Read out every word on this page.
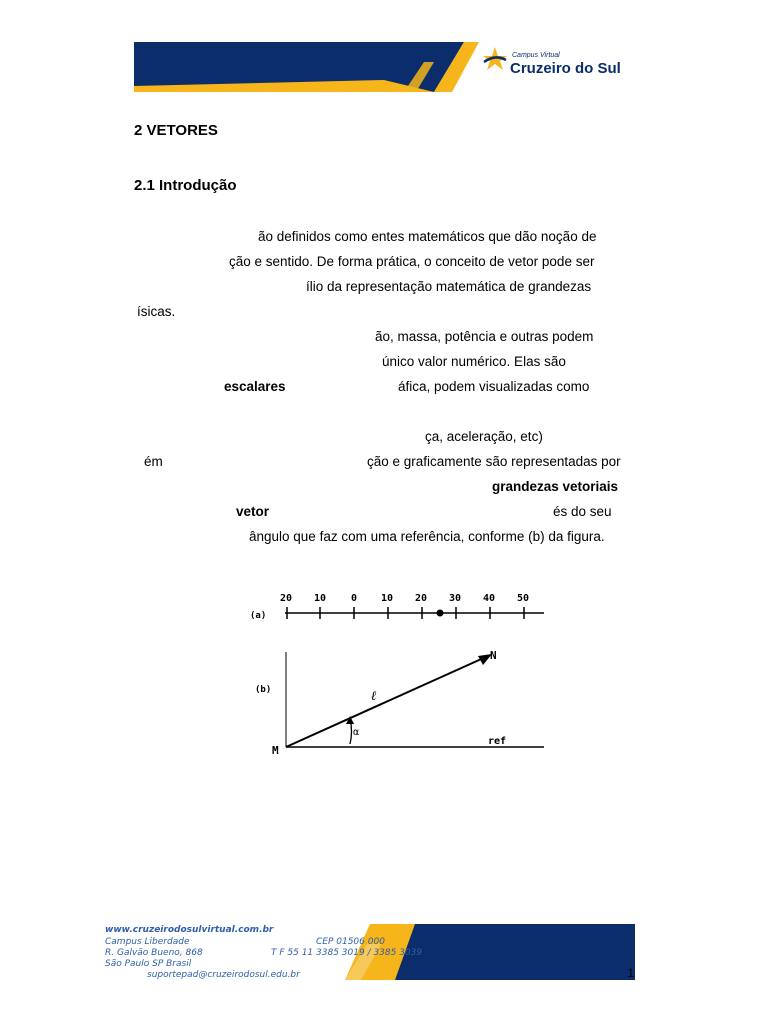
Campus Virtual
Cruzeiro do Sul
2 VETORES
2.1 Introdução
ão definidos como entes matemáticos que dão noção de
ção e sentido. De forma prática, o conceito de vetor pode ser
ílio da representação matemática de grandezas
ísicas.
ão, massa, potência e outras podem
único valor numérico. Elas são
escalares	áfica, podem visualizadas como
ça, aceleração, etc)
ém	ção e graficamente são representadas por
grandezas vetoriais
vetor	és do seu
ângulo que faz com uma referência, conforme (b) da figura.
(a)
20 10 0 10 20 30 40 50
(b)
M
N
ℓ
α
ref
www.cruzeirodosulvirtual.com.br
Campus Liberdade
R. Galvão Bueno, 868
São Paulo SP Brasil
suportepad@cruzeirodosul.edu.br
CEP 01506 000
T F 55 11 3385 3019 / 3385 3039
1
